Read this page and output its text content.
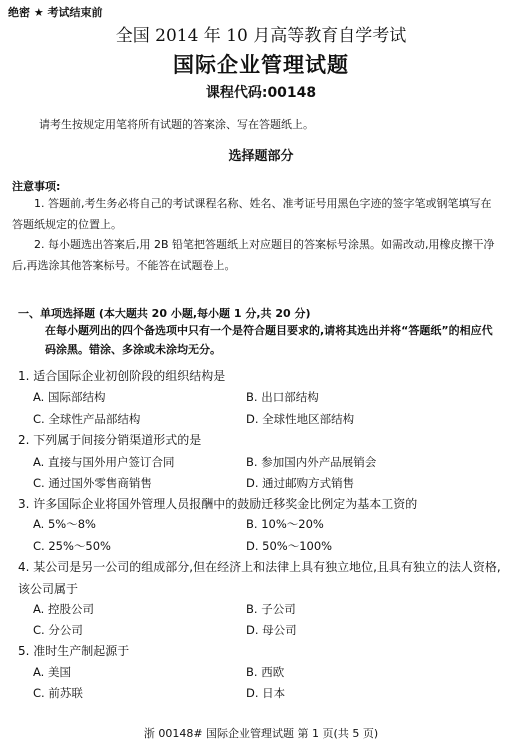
绝密 ★ 考试结束前
全国 2014 年 10 月高等教育自学考试
国际企业管理试题
课程代码:00148
请考生按规定用笔将所有试题的答案涂、写在答题纸上。
选择题部分
注意事项:
1. 答题前,考生务必将自己的考试课程名称、姓名、准考证号用黑色字迹的签字笔或钢笔填写在答题纸规定的位置上。
2. 每小题选出答案后,用 2B 铅笔把答题纸上对应题目的答案标号涂黑。如需改动,用橡皮擦干净后,再选涂其他答案标号。不能答在试题卷上。
一、单项选择题 (本大题共 20 小题,每小题 1 分,共 20 分)
在每小题列出的四个备选项中只有一个是符合题目要求的,请将其选出并将“答题纸”的相应代码涂黑。错涂、多涂或未涂均无分。
1. 适合国际企业初创阶段的组织结构是
A. 国际部结构	B. 出口部结构
C. 全球性产品部结构	D. 全球性地区部结构
2. 下列属于间接分销渠道形式的是
A. 直接与国外用户签订合同	B. 参加国内外产品展销会
C. 通过国外零售商销售	D. 通过邮购方式销售
3. 许多国际企业将国外管理人员报酬中的鼓励迁移奖金比例定为基本工资的
A. 5%～8%	B. 10%～20%
C. 25%～50%	D. 50%～100%
4. 某公司是另一公司的组成部分,但在经济上和法律上具有独立地位,且具有独立的法人资格,该公司属于
A. 控股公司	B. 子公司
C. 分公司	D. 母公司
5. 准时生产制起源于
A. 美国	B. 西欧
C. 前苏联	D. 日本
浙 00148# 国际企业管理试题 第 1 页(共 5 页)
